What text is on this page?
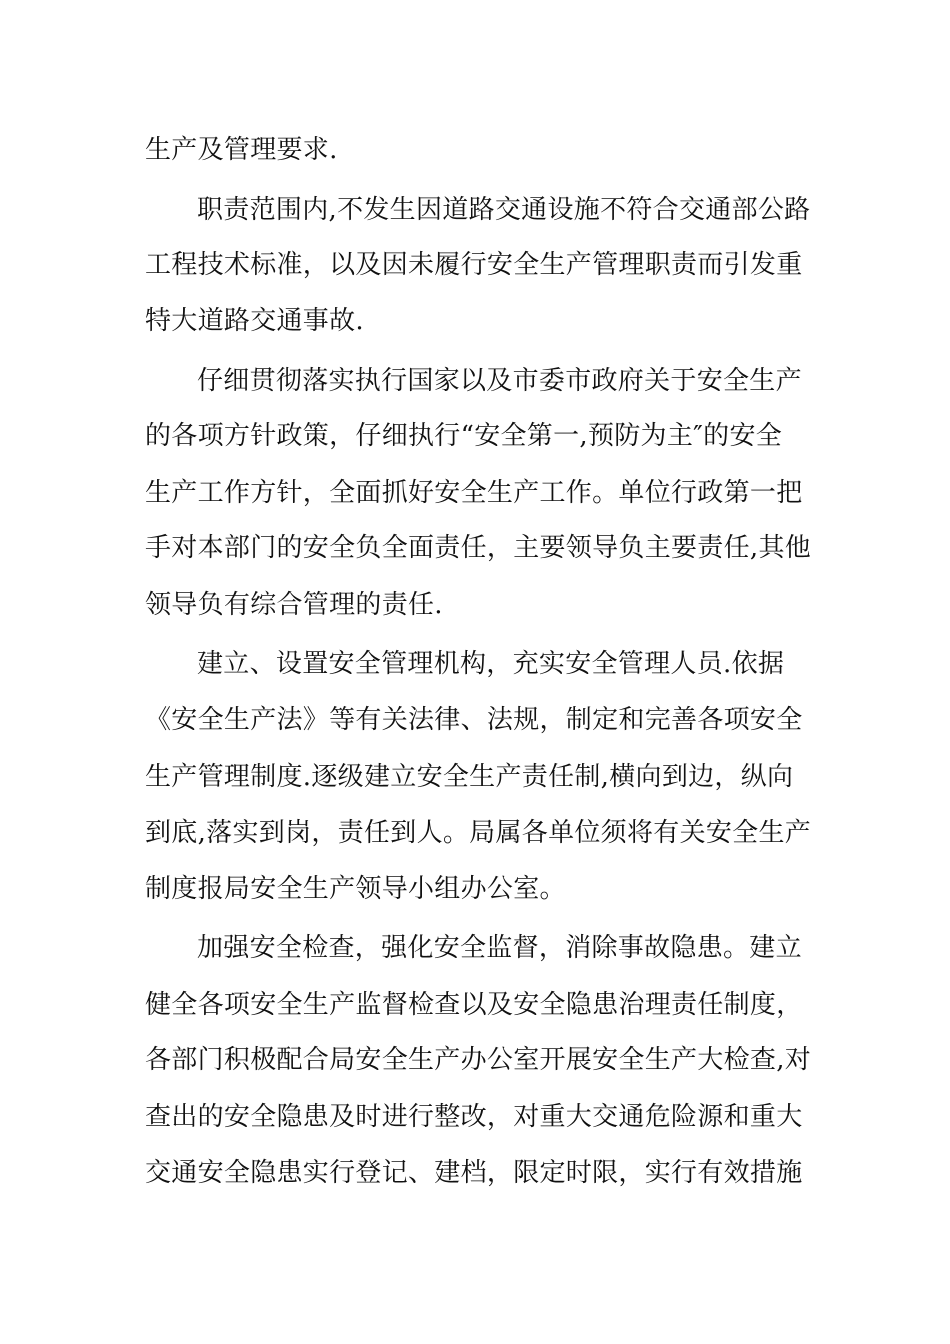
生产及管理要求.
职责范围内,不发生因道路交通设施不符合交通部公路
工程技术标准，以及因未履行安全生产管理职责而引发重
特大道路交通事故.
仔细贯彻落实执行国家以及市委市政府关于安全生产
的各项方针政策，仔细执行“安全第一,预防为主″的安全
生产工作方针，全面抓好安全生产工作。单位行政第一把
手对本部门的安全负全面责任，主要领导负主要责任,其他
领导负有综合管理的责任.
建立、设置安全管理机构，充实安全管理人员.依据
《安全生产法》等有关法律、法规，制定和完善各项安全
生产管理制度.逐级建立安全生产责任制,横向到边，纵向
到底,落实到岗，责任到人。局属各单位须将有关安全生产
制度报局安全生产领导小组办公室。
加强安全检查，强化安全监督，消除事故隐患。建立
健全各项安全生产监督检查以及安全隐患治理责任制度，
各部门积极配合局安全生产办公室开展安全生产大检查,对
查出的安全隐患及时进行整改，对重大交通危险源和重大
交通安全隐患实行登记、建档，限定时限，实行有效措施
